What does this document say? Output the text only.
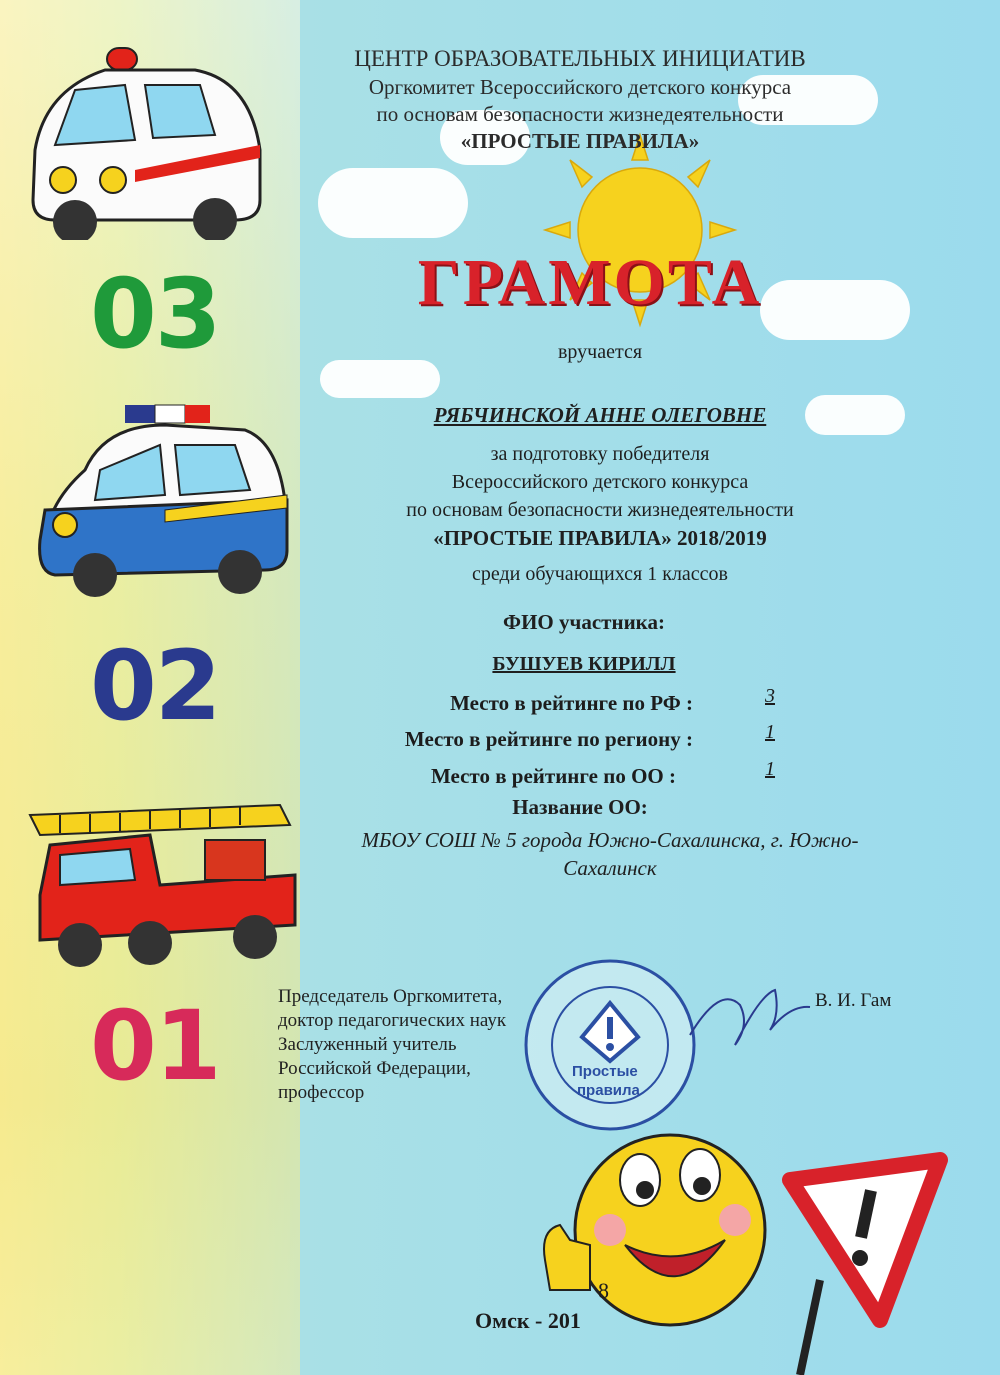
ЦЕНТР ОБРАЗОВАТЕЛЬНЫХ ИНИЦИАТИВ
Оргкомитет Всероссийского детского конкурса
по основам безопасности жизнедеятельности
«ПРОСТЫЕ ПРАВИЛА»
ГРАМОТА
вручается
РЯБЧИНСКОЙ АННЕ ОЛЕГОВНЕ
за подготовку победителя
Всероссийского детского конкурса
по основам безопасности жизнедеятельности
«ПРОСТЫЕ ПРАВИЛА» 2018/2019
среди обучающихся 1 классов
ФИО участника:
БУШУЕВ КИРИЛЛ
Место в рейтинге по РФ :	3
Место в рейтинге по региону :	1
Место в рейтинге по ОО :	1
Название ОО:
МБОУ СОШ № 5 города Южно-Сахалинска, г. Южно-
Сахалинск
03
02
01	Председатель Оргкомитета,
доктор педагогических наук
Заслуженный учитель
Российской Федерации,
профессор
В. И. Гам
Простые
правила
8
Омск - 201
